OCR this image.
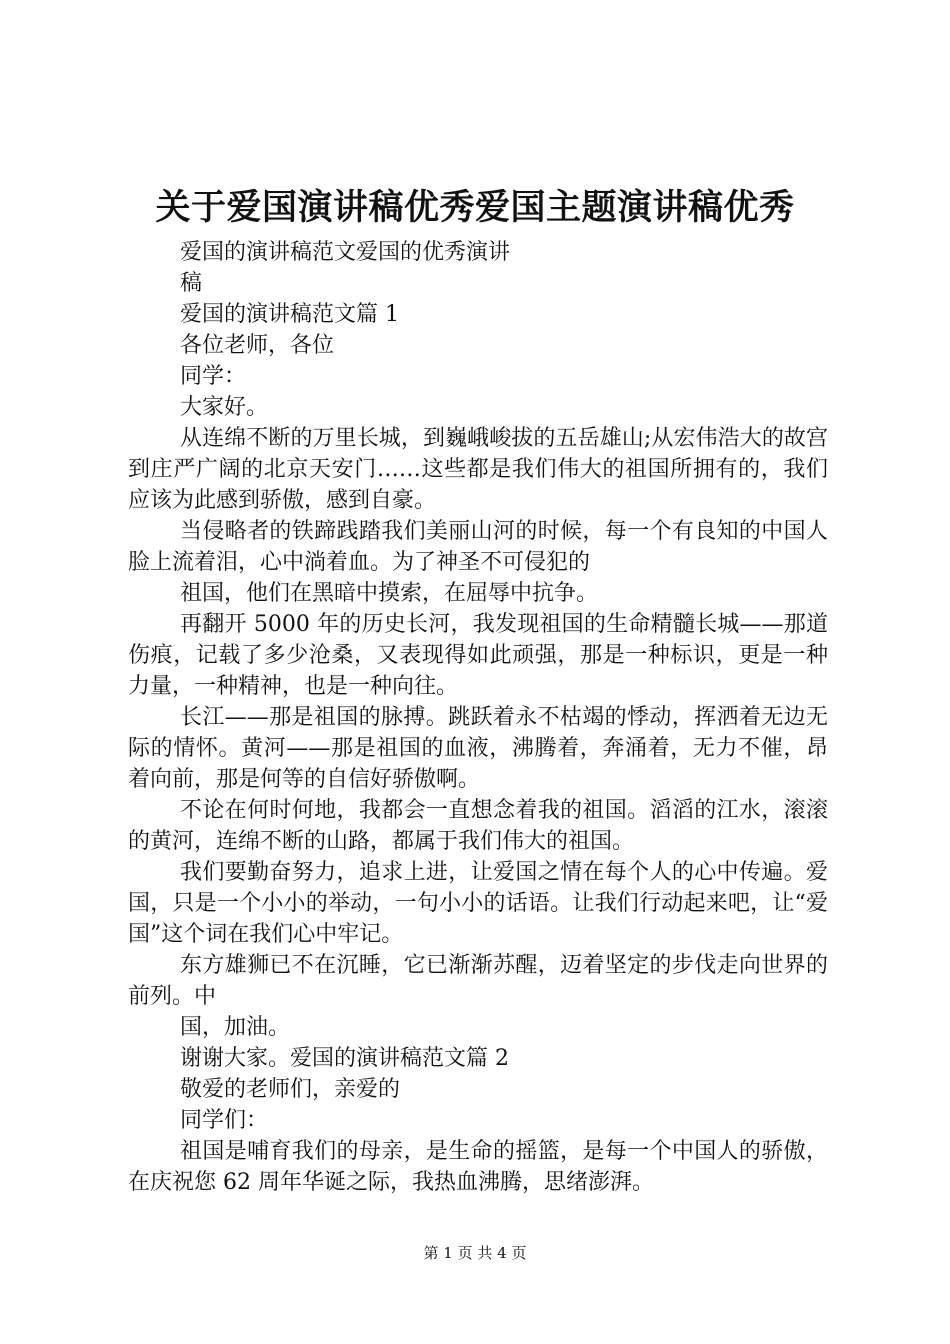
关于爱国演讲稿优秀爱国主题演讲稿优秀

爱国的演讲稿范文爱国的优秀演讲

稿

爱国的演讲稿范文篇 1

各位老师，各位

同学：

大家好。

从连绵不断的万里长城，到巍峨峻拔的五岳雄山;从宏伟浩大的故宫到庄严广阔的北京天安门……这些都是我们伟大的祖国所拥有的，我们应该为此感到骄傲，感到自豪。

当侵略者的铁蹄践踏我们美丽山河的时候，每一个有良知的中国人脸上流着泪，心中淌着血。为了神圣不可侵犯的

祖国，他们在黑暗中摸索，在屈辱中抗争。

再翻开 5000 年的历史长河，我发现祖国的生命精髓长城——那道伤痕，记载了多少沧桑，又表现得如此顽强，那是一种标识，更是一种力量，一种精神，也是一种向往。

长江——那是祖国的脉搏。跳跃着永不枯竭的悸动，挥洒着无边无际的情怀。黄河——那是祖国的血液，沸腾着，奔涌着，无力不催，昂着向前，那是何等的自信好骄傲啊。

不论在何时何地，我都会一直想念着我的祖国。滔滔的江水，滚滚的黄河，连绵不断的山路，都属于我们伟大的祖国。

我们要勤奋努力，追求上进，让爱国之情在每个人的心中传遍。爱国，只是一个小小的举动，一句小小的话语。让我们行动起来吧，让“爱国”这个词在我们心中牢记。

东方雄狮已不在沉睡，它已渐渐苏醒，迈着坚定的步伐走向世界的前列。中

国，加油。

谢谢大家。爱国的演讲稿范文篇 2

敬爱的老师们，亲爱的

同学们：

祖国是哺育我们的母亲，是生命的摇篮，是每一个中国人的骄傲，在庆祝您 62 周年华诞之际，我热血沸腾，思绪澎湃。

第 1 页 共 4 页
